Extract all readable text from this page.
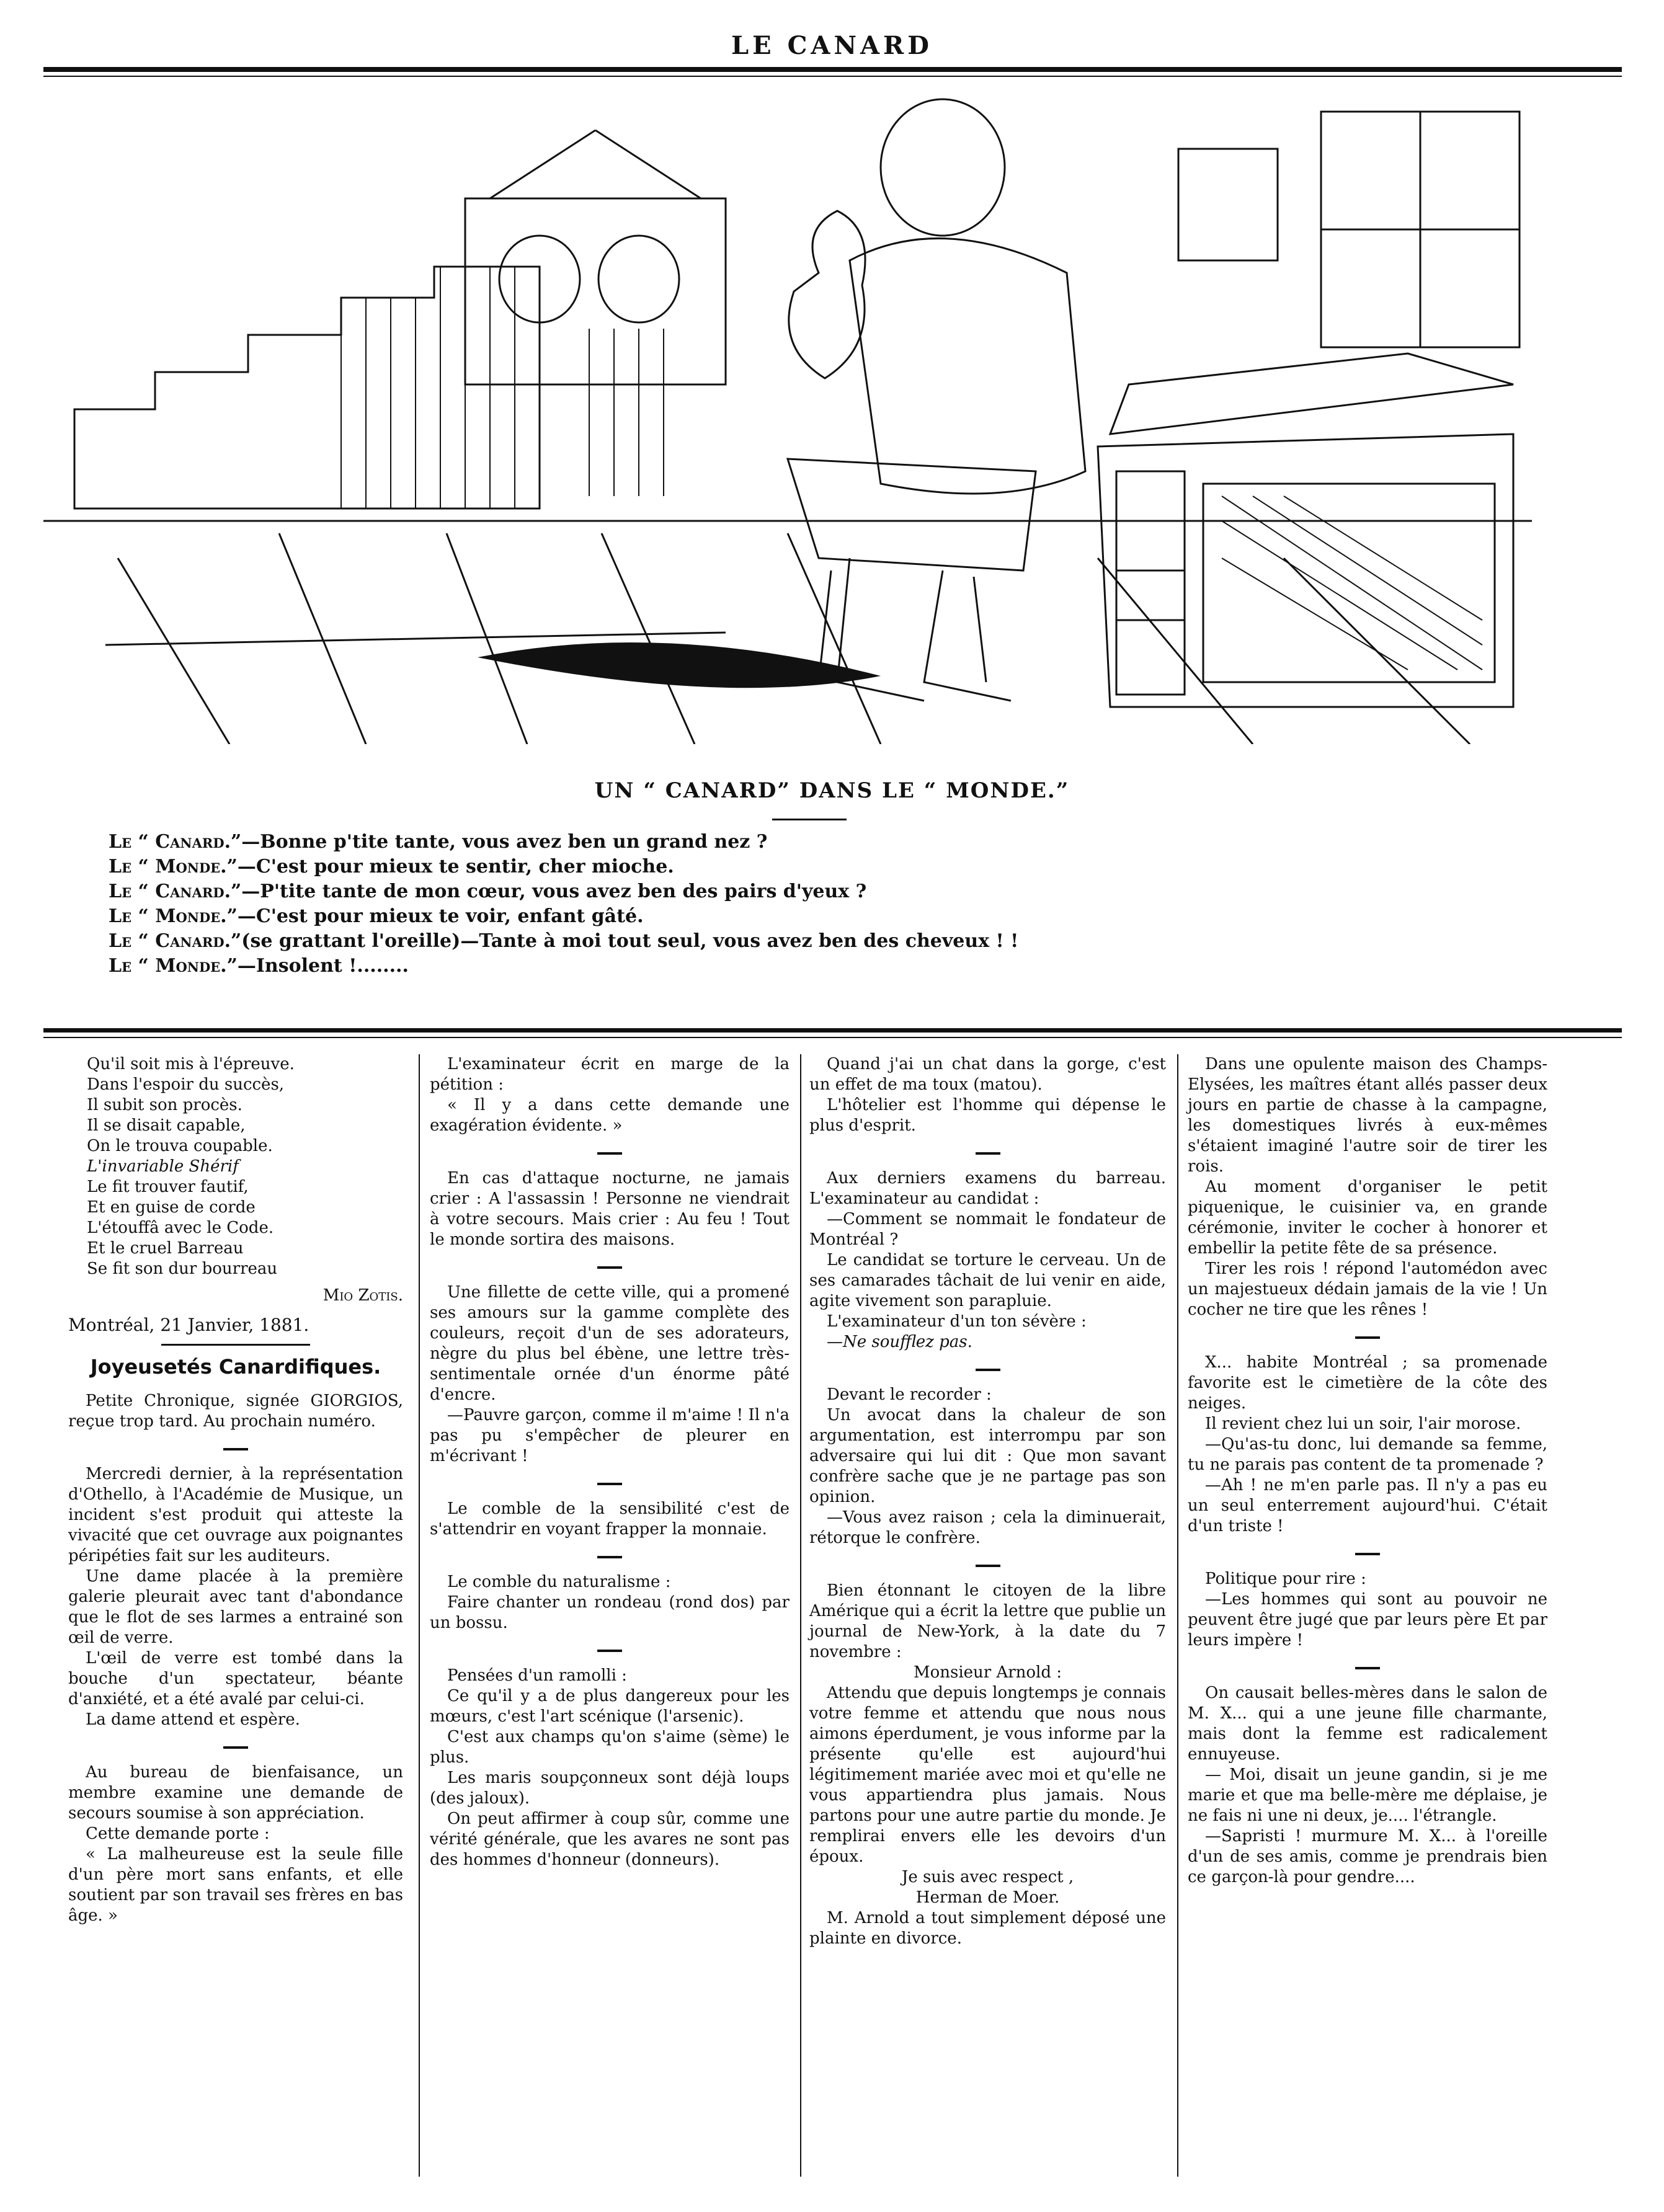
LE CANARD
UN “ CANARD” DANS LE “ MONDE.”
Le “ Canard.”—Bonne p'tite tante, vous avez ben un grand nez ?
Le “ Monde.”—C'est pour mieux te sentir, cher mioche.
Le “ Canard.”—P'tite tante de mon cœur, vous avez ben des pairs d'yeux ?
Le “ Monde.”—C'est pour mieux te voir, enfant gâté.
Le “ Canard.”(se grattant l'oreille)—Tante à moi tout seul, vous avez ben des cheveux ! !
Le “ Monde.”—Insolent !........
Qu'il soit mis à l'épreuve.
Dans l'espoir du succès,
Il subit son procès.
Il se disait capable,
On le trouva coupable.
L'invariable Shérif
Le fit trouver fautif,
Et en guise de corde
L'étouffâ avec le Code.
Et le cruel Barreau
Se fit son dur bourreau
Mio Zotis.
Montréal, 21 Janvier, 1881.
Joyeusetés Canardifiques.

Petite Chronique, signée GIORGIOS, reçue trop tard. Au prochain numéro.

Mercredi dernier, à la représentation d'Othello, à l'Académie de Musique, un incident s'est produit qui atteste la vivacité que cet ouvrage aux poignantes péripéties fait sur les auditeurs.

Une dame placée à la première galerie pleurait avec tant d'abondance que le flot de ses larmes a entrainé son œil de verre.

L'œil de verre est tombé dans la bouche d'un spectateur, béante d'anxiété, et a été avalé par celui-ci.

La dame attend et espère.

Au bureau de bienfaisance, un membre examine une demande de secours soumise à son appréciation.

Cette demande porte :

« La malheureuse est la seule fille d'un père mort sans enfants, et elle soutient par son travail ses frères en bas âge. »

L'examinateur écrit en marge de la pétition :

« Il y a dans cette demande une exagération évidente. »

En cas d'attaque nocturne, ne jamais crier : A l'assassin ! Personne ne viendrait à votre secours. Mais crier : Au feu ! Tout le monde sortira des maisons.

Une fillette de cette ville, qui a promené ses amours sur la gamme complète des couleurs, reçoit d'un de ses adorateurs, nègre du plus bel ébène, une lettre très-sentimentale ornée d'un énorme pâté d'encre.

—Pauvre garçon, comme il m'aime ! Il n'a pas pu s'empêcher de pleurer en m'écrivant !

Le comble de la sensibilité c'est de s'attendrir en voyant frapper la monnaie.

Le comble du naturalisme :

Faire chanter un rondeau (rond dos) par un bossu.

Pensées d'un ramolli :

Ce qu'il y a de plus dangereux pour les mœurs, c'est l'art scénique (l'arsenic).

C'est aux champs qu'on s'aime (sème) le plus.

Les maris soupçonneux sont déjà loups (des jaloux).

On peut affirmer à coup sûr, comme une vérité générale, que les avares ne sont pas des hommes d'honneur (donneurs).

Quand j'ai un chat dans la gorge, c'est un effet de ma toux (matou).

L'hôtelier est l'homme qui dépense le plus d'esprit.

Aux derniers examens du barreau. L'examinateur au candidat :

—Comment se nommait le fondateur de Montréal ?

Le candidat se torture le cerveau. Un de ses camarades tâchait de lui venir en aide, agite vivement son parapluie.

L'examinateur d'un ton sévère :

—Ne soufflez pas.

Devant le recorder :

Un avocat dans la chaleur de son argumentation, est interrompu par son adversaire qui lui dit : Que mon savant confrère sache que je ne partage pas son opinion.

—Vous avez raison ; cela la diminuerait, rétorque le confrère.

Bien étonnant le citoyen de la libre Amérique qui a écrit la lettre que publie un journal de New-York, à la date du 7 novembre :

Monsieur Arnold :

Attendu que depuis longtemps je connais votre femme et attendu que nous nous aimons éperdument, je vous informe par la présente qu'elle est aujourd'hui légitimement mariée avec moi et qu'elle ne vous appartiendra plus jamais. Nous partons pour une autre partie du monde. Je remplirai envers elle les devoirs d'un époux.

Je suis avec respect ,

Herman de Moer.

M. Arnold a tout simplement déposé une plainte en divorce.

Dans une opulente maison des Champs-Elysées, les maîtres étant allés passer deux jours en partie de chasse à la campagne, les domestiques livrés à eux-mêmes s'étaient imaginé l'autre soir de tirer les rois.

Au moment d'organiser le petit piquenique, le cuisinier va, en grande cérémonie, inviter le cocher à honorer et embellir la petite fête de sa présence.

Tirer les rois ! répond l'automédon avec un majestueux dédain jamais de la vie ! Un cocher ne tire que les rênes !

X... habite Montréal ; sa promenade favorite est le cimetière de la côte des neiges.

Il revient chez lui un soir, l'air morose.

—Qu'as-tu donc, lui demande sa femme, tu ne parais pas content de ta promenade ?

—Ah ! ne m'en parle pas. Il n'y a pas eu un seul enterrement aujourd'hui. C'était d'un triste !

Politique pour rire :

—Les hommes qui sont au pouvoir ne peuvent être jugé que par leurs père Et par leurs impère !

On causait belles-mères dans le salon de M. X... qui a une jeune fille charmante, mais dont la femme est radicalement ennuyeuse.

— Moi, disait un jeune gandin, si je me marie et que ma belle-mère me déplaise, je ne fais ni une ni deux, je.... l'étrangle.

—Sapristi ! murmure M. X... à l'oreille d'un de ses amis, comme je prendrais bien ce garçon-là pour gendre....
